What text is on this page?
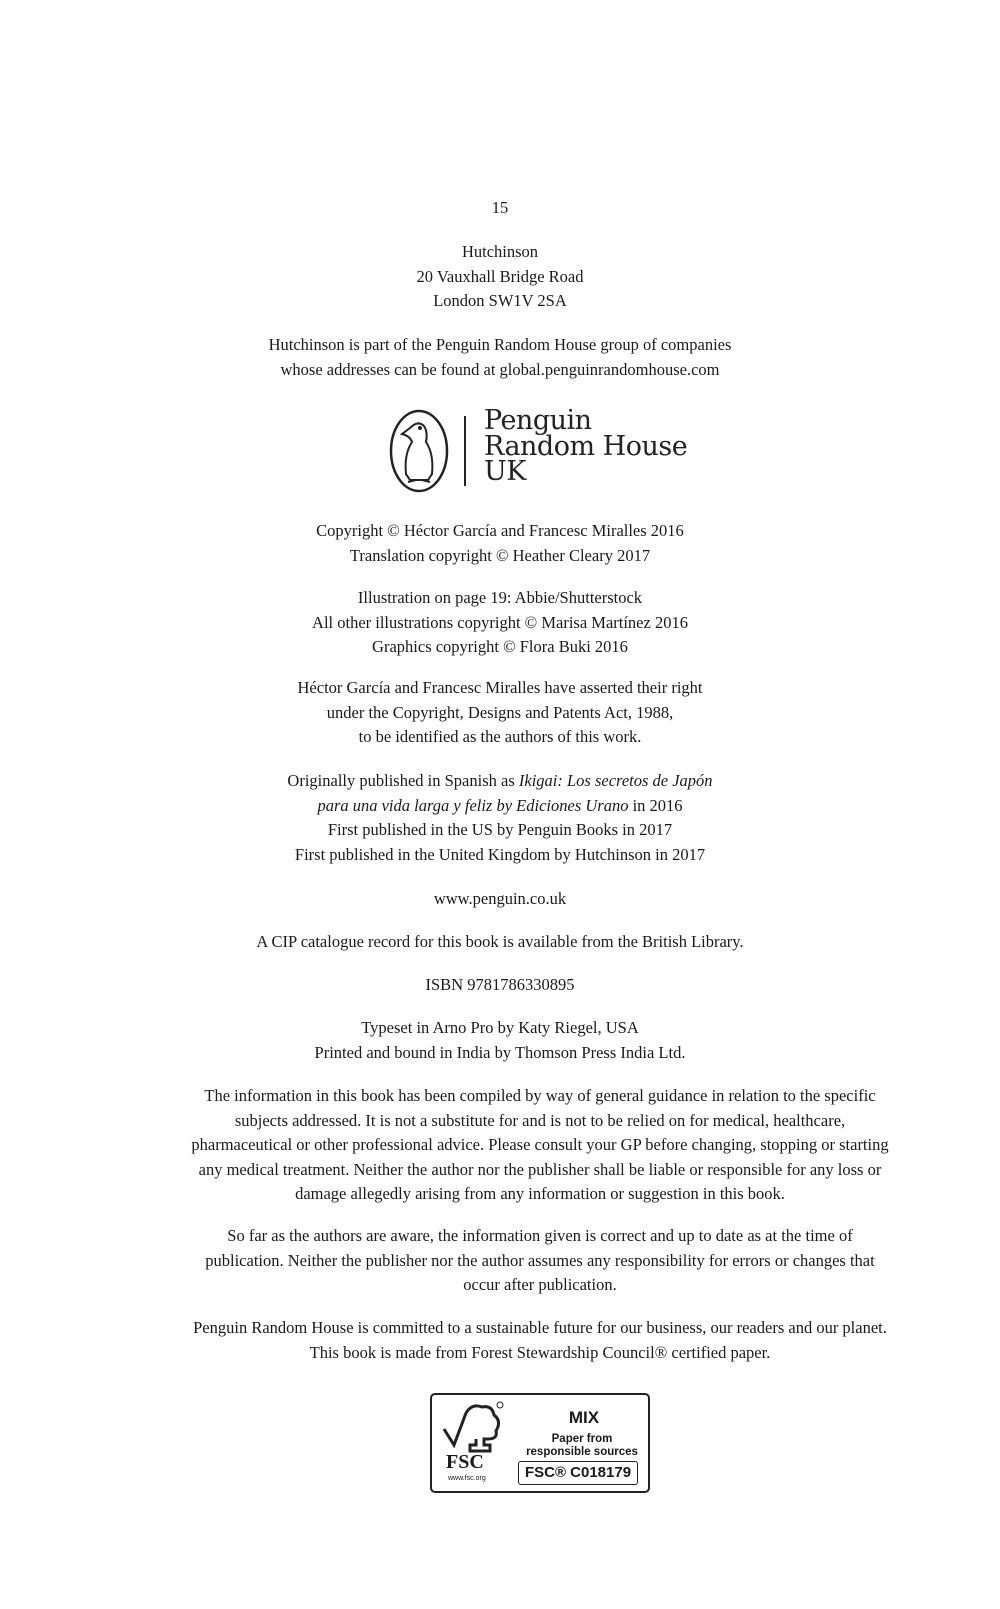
15
Hutchinson
20 Vauxhall Bridge Road
London SW1V 2SA
Hutchinson is part of the Penguin Random House group of companies
whose addresses can be found at global.penguinrandomhouse.com
Penguin
Random House
UK
Copyright © Héctor García and Francesc Miralles 2016
Translation copyright © Heather Cleary 2017
Illustration on page 19: Abbie/Shutterstock
All other illustrations copyright © Marisa Martínez 2016
Graphics copyright © Flora Buki 2016
Héctor García and Francesc Miralles have asserted their right
under the Copyright, Designs and Patents Act, 1988,
to be identified as the authors of this work.
Originally published in Spanish as Ikigai: Los secretos de Japón
para una vida larga y feliz by Ediciones Urano in 2016
First published in the US by Penguin Books in 2017
First published in the United Kingdom by Hutchinson in 2017
www.penguin.co.uk
A CIP catalogue record for this book is available from the British Library.
ISBN 9781786330895
Typeset in Arno Pro by Katy Riegel, USA
Printed and bound in India by Thomson Press India Ltd.
The information in this book has been compiled by way of general guidance in relation to the specific
subjects addressed. It is not a substitute for and is not to be relied on for medical, healthcare,
pharmaceutical or other professional advice. Please consult your GP before changing, stopping or starting
any medical treatment. Neither the author nor the publisher shall be liable or responsible for any loss or
damage allegedly arising from any information or suggestion in this book.
So far as the authors are aware, the information given is correct and up to date as at the time of
publication. Neither the publisher nor the author assumes any responsibility for errors or changes that
occur after publication.
Penguin Random House is committed to a sustainable future for our business, our readers and our planet.
This book is made from Forest Stewardship Council® certified paper.
FSC
www.fsc.org
MIX
Paper from
responsible sources
FSC® C018179
